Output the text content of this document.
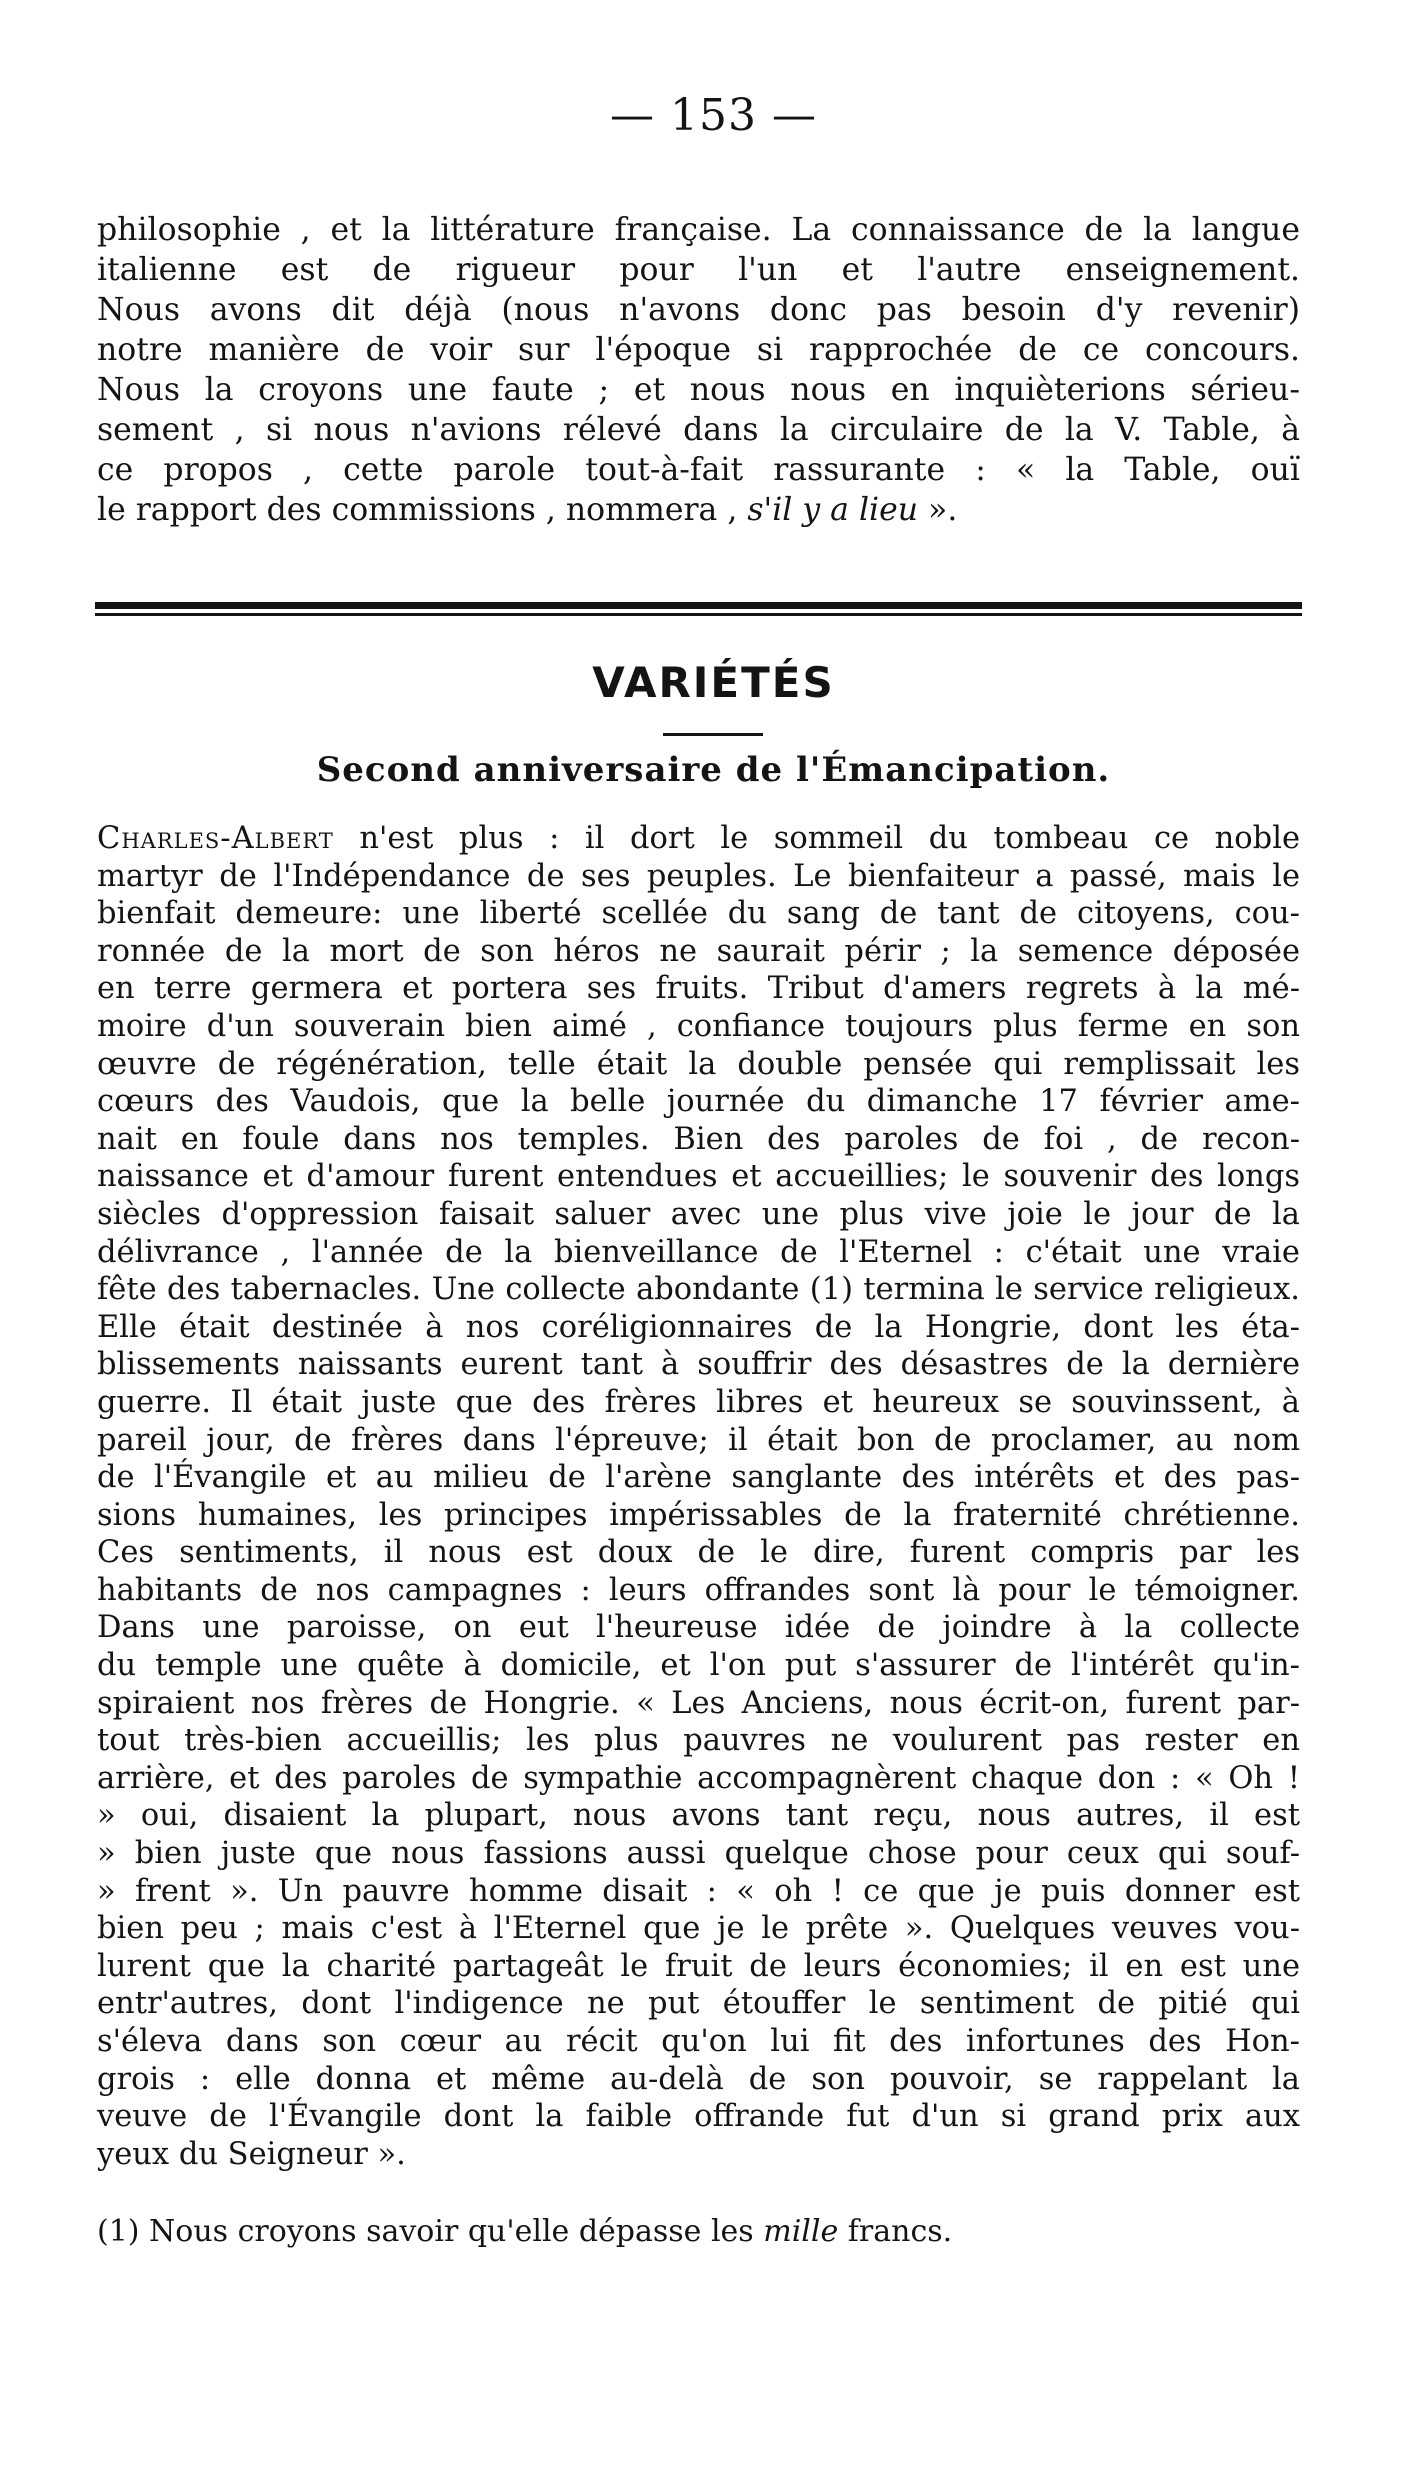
— 153 —
philosophie , et la littérature française. La connaissance de la langue
italienne est de rigueur pour l'un et l'autre enseignement.
Nous avons dit déjà (nous n'avons donc pas besoin d'y revenir)
notre manière de voir sur l'époque si rapprochée de ce concours.
Nous la croyons une faute ; et nous nous en inquièterions sérieu-
sement , si nous n'avions rélevé dans la circulaire de la V. Table, à
ce propos , cette parole tout-à-fait rassurante : « la Table, ouï
le rapport des commissions , nommera , s'il y a lieu ».
VARIÉTÉS
Second anniversaire de l'Émancipation.
Charles-Albert n'est plus : il dort le sommeil du tombeau ce noble
martyr de l'Indépendance de ses peuples. Le bienfaiteur a passé, mais le
bienfait demeure: une liberté scellée du sang de tant de citoyens, cou-
ronnée de la mort de son héros ne saurait périr ; la semence déposée
en terre germera et portera ses fruits. Tribut d'amers regrets à la mé-
moire d'un souverain bien aimé , confiance toujours plus ferme en son
œuvre de régénération, telle était la double pensée qui remplissait les
cœurs des Vaudois, que la belle journée du dimanche 17 février ame-
nait en foule dans nos temples. Bien des paroles de foi , de recon-
naissance et d'amour furent entendues et accueillies; le souvenir des longs
siècles d'oppression faisait saluer avec une plus vive joie le jour de la
délivrance , l'année de la bienveillance de l'Eternel : c'était une vraie
fête des tabernacles. Une collecte abondante (1) termina le service religieux.
Elle était destinée à nos coréligionnaires de la Hongrie, dont les éta-
blissements naissants eurent tant à souffrir des désastres de la dernière
guerre. Il était juste que des frères libres et heureux se souvinssent, à
pareil jour, de frères dans l'épreuve; il était bon de proclamer, au nom
de l'Évangile et au milieu de l'arène sanglante des intérêts et des pas-
sions humaines, les principes impérissables de la fraternité chrétienne.
Ces sentiments, il nous est doux de le dire, furent compris par les
habitants de nos campagnes : leurs offrandes sont là pour le témoigner.
Dans une paroisse, on eut l'heureuse idée de joindre à la collecte
du temple une quête à domicile, et l'on put s'assurer de l'intérêt qu'in-
spiraient nos frères de Hongrie. « Les Anciens, nous écrit-on, furent par-
tout très-bien accueillis; les plus pauvres ne voulurent pas rester en
arrière, et des paroles de sympathie accompagnèrent chaque don : « Oh !
» oui, disaient la plupart, nous avons tant reçu, nous autres, il est
» bien juste que nous fassions aussi quelque chose pour ceux qui souf-
» frent ». Un pauvre homme disait : « oh ! ce que je puis donner est
bien peu ; mais c'est à l'Eternel que je le prête ». Quelques veuves vou-
lurent que la charité partageât le fruit de leurs économies; il en est une
entr'autres, dont l'indigence ne put étouffer le sentiment de pitié qui
s'éleva dans son cœur au récit qu'on lui fit des infortunes des Hon-
grois : elle donna et même au-delà de son pouvoir, se rappelant la
veuve de l'Évangile dont la faible offrande fut d'un si grand prix aux
yeux du Seigneur ».
(1) Nous croyons savoir qu'elle dépasse les mille francs.
